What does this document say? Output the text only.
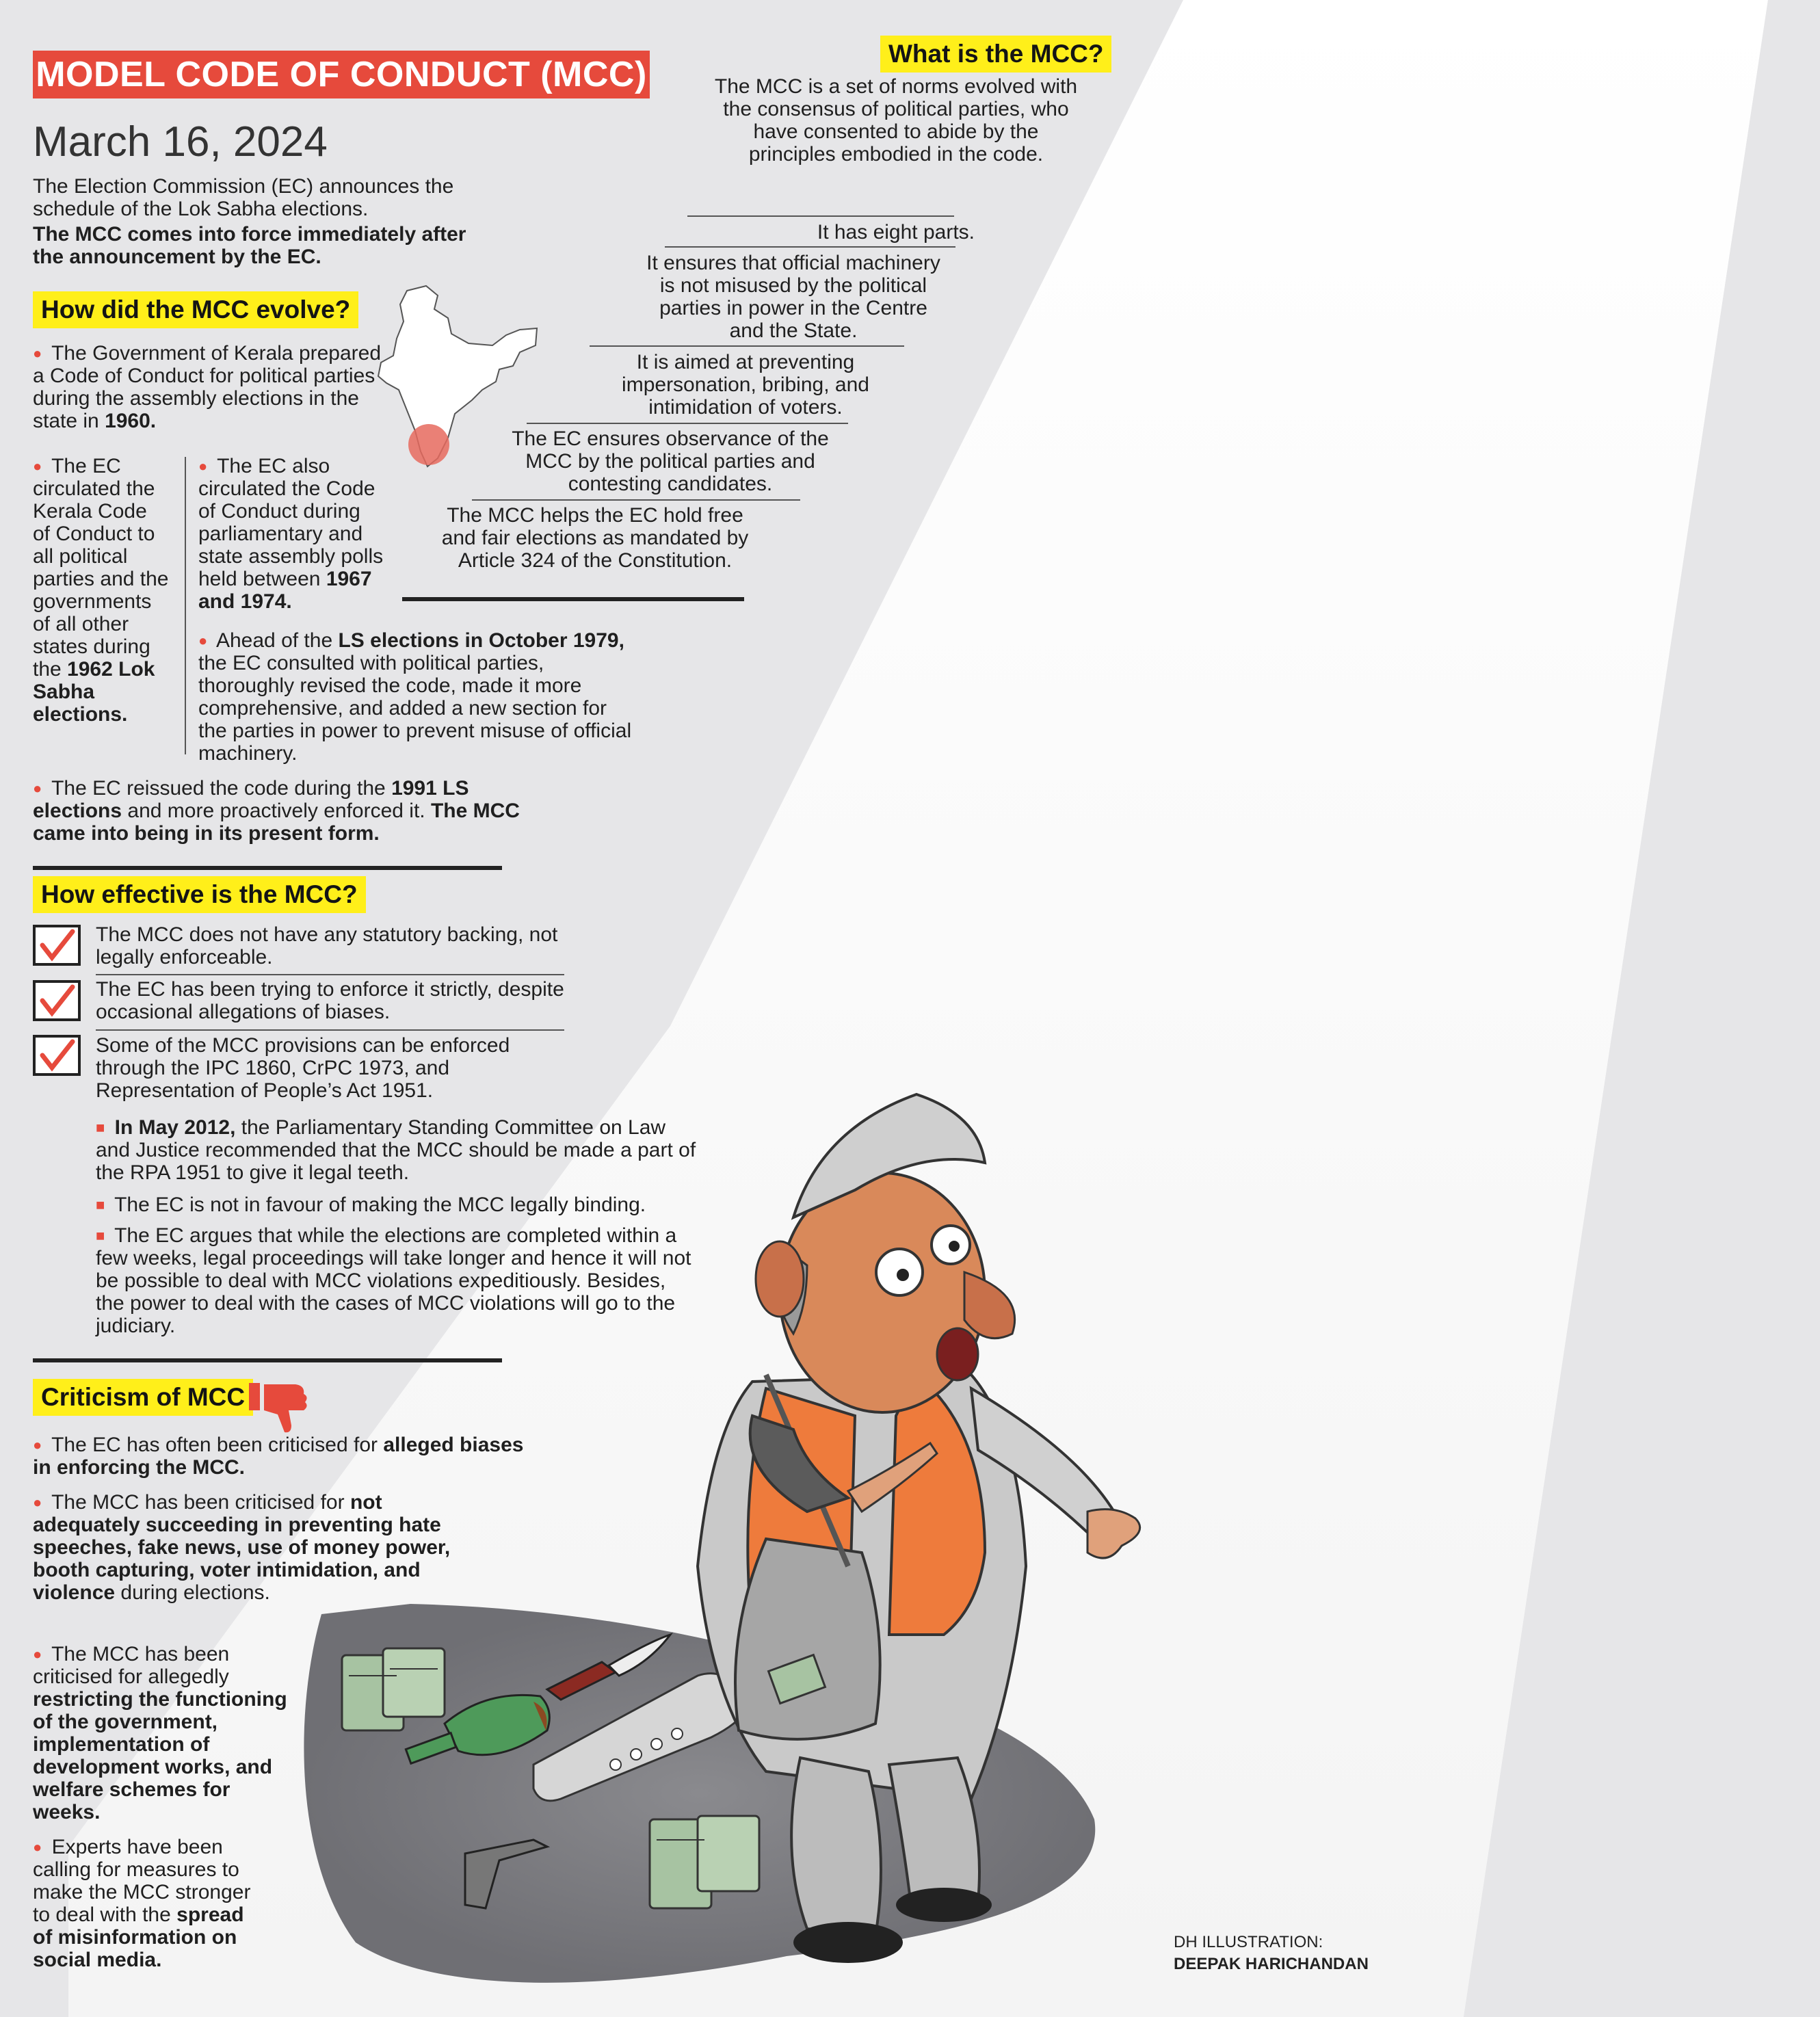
MODEL CODE OF CONDUCT (MCC)
March 16, 2024

The Election Commission (EC) announces the schedule of the Lok Sabha elections.

The MCC comes into force immediately after the announcement by the EC.

How did the MCC evolve?
● The Government of Kerala prepared a Code of Conduct for political parties during the assembly elections in the state in 1960.
● The EC circulated the Kerala Code of Conduct to all political parties and the governments of all other states during the 1962 Lok Sabha elections.
● The EC also circulated the Code of Conduct during parliamentary and state assembly polls held between 1967 and 1974.
● Ahead of the LS elections in October 1979, the EC consulted with political parties, thoroughly revised the code, made it more comprehensive, and added a new section for the parties in power to prevent misuse of official machinery.
● The EC reissued the code during the 1991 LS elections and more proactively enforced it. The MCC came into being in its present form.
What is the MCC?
The MCC is a set of norms evolved with the consensus of political parties, who have consented to abide by the principles embodied in the code.
It has eight parts.
It ensures that official machinery is not misused by the political parties in power in the Centre and the State.
It is aimed at preventing impersonation, bribing, and intimidation of voters.
The EC ensures observance of the MCC by the political parties and contesting candidates.
The MCC helps the EC hold free and fair elections as mandated by Article 324 of the Constitution.
How effective is the MCC?
The MCC does not have any statutory backing, not legally enforceable.
The EC has been trying to enforce it strictly, despite occasional allegations of biases.
Some of the MCC provisions can be enforced through the IPC 1860, CrPC 1973, and Representation of People’s Act 1951.
■ In May 2012, the Parliamentary Standing Committee on Law and Justice recommended that the MCC should be made a part of the RPA 1951 to give it legal teeth.
■ The EC is not in favour of making the MCC legally binding.
■ The EC argues that while the elections are completed within a few weeks, legal proceedings will take longer and hence it will not be possible to deal with MCC violations expeditiously. Besides, the power to deal with the cases of MCC violations will go to the judiciary.
Criticism of MCC
● The EC has often been criticised for alleged biases in enforcing the MCC.
● The MCC has been criticised for not adequately succeeding in preventing hate speeches, fake news, use of money power, booth capturing, voter intimidation, and violence during elections.
● The MCC has been criticised for allegedly restricting the functioning of the government, implementation of development works, and welfare schemes for weeks.
● Experts have been calling for measures to make the MCC stronger to deal with the spread of misinformation on social media.
DH ILLUSTRATION:
DEEPAK HARICHANDAN
